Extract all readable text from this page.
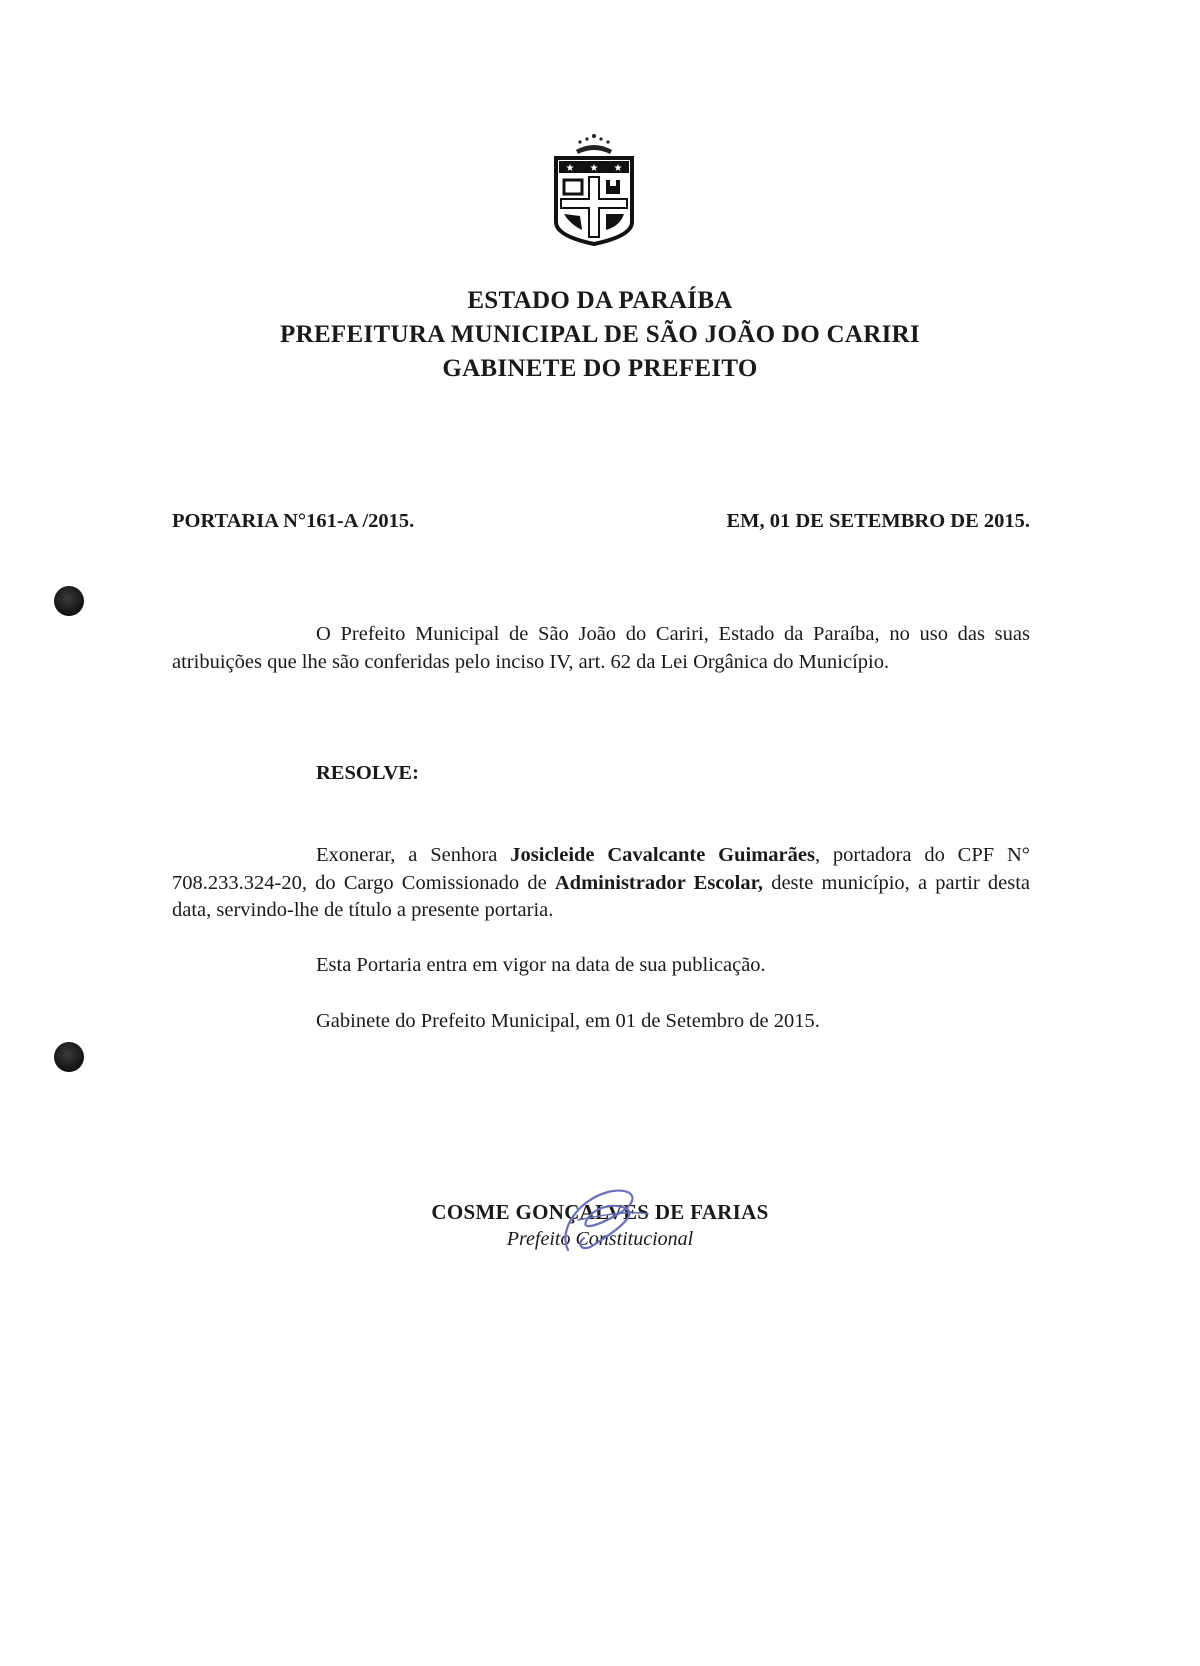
★ ★ ★
ESTADO DA PARAÍBA
PREFEITURA MUNICIPAL DE SÃO JOÃO DO CARIRI
GABINETE DO PREFEITO
PORTARIA N°161-A /2015.	EM, 01 DE SETEMBRO DE 2015.
O Prefeito Municipal de São João do Cariri, Estado da Paraíba, no uso das suas atribuições que lhe são conferidas pelo inciso IV, art. 62 da Lei Orgânica do Município.
RESOLVE:
Exonerar, a Senhora Josicleide Cavalcante Guimarães, portadora do CPF N° 708.233.324-20, do Cargo Comissionado de Administrador Escolar, deste município, a partir desta data, servindo-lhe de título a presente portaria.
Esta Portaria entra em vigor na data de sua publicação.
Gabinete do Prefeito Municipal, em 01 de Setembro de 2015.
COSME GONÇALVES DE FARIAS
Prefeito Constitucional
